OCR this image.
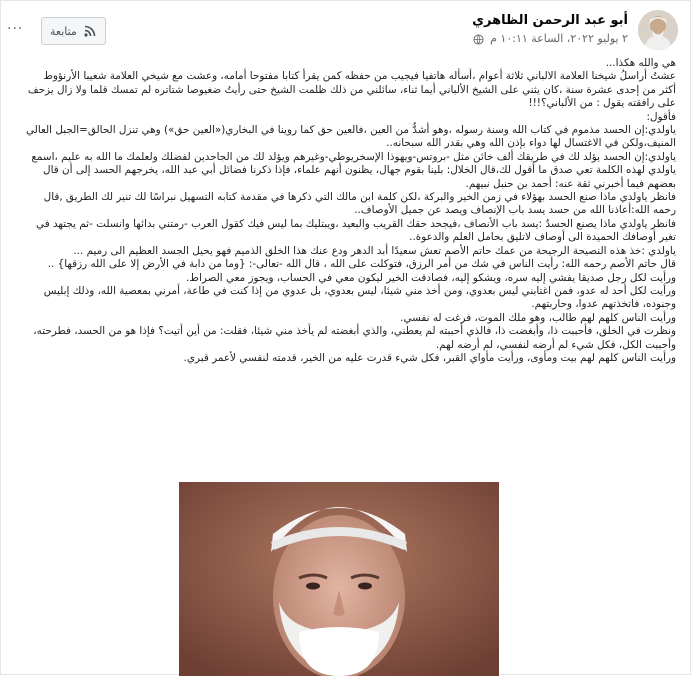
أبو عبد الرحمن الظاهري
٢ يوليو ٢٠٢٢، الساعة ١٠:١١ م
متابعة
···

هي والله هكذا...

عشتُ أراسلُ شيخنا العلامة الالباني ثلاثة أعوام ،أسأله هاتفيا فيجيب من حفظه كمن يقرأ كتابا مفتوحا أمامه، وعشت مع شيخي العلامة شعيبا الأرنؤوط

أكثر من إحدى عشرة سنة ،كان يثني على الشيخ الألباني أيما ثناء، سائلني من ذلك ظلمت الشيخ حتى رأيتُ ضغيوصا شتاتره لم تمسك قلما ولا زال يزحف

على رافقته يقول : من الألباني؟!!!

فأقول:

ياولدي:إن الحسد مذموم في كتاب الله وسنة رسوله ،وهو أشدُّ من العين ،فالعين حق كما روينا في البخاري(«العين حق») وهي تنزل الحالق=الجبل العالي

المنيف،ولكن في الاغتسال لها دواء بإذن الله وهي بقدر الله سبحانه..

ياولدي:إن الحسد يؤلد لك في طريقك ألف خائن مثل -بروتس-ويهوذا الإسخريوطي-وغيرهم ويؤلد لك من الجاحدين لفضلك ولعلمك ما الله به عليم ،اسمع

ياولدي لهذه الكلمة تعي صدق ما أقول لك،قال الخلال: بلينا بقوم جهال، يظنون أنهم علماء، فإذا ذكرنا فضائل أبي عبد الله، يخرجهم الحسد إلى أن قال

بعضهم فيما أخبرني ثقة عنه: أحمد بن حنبل نبيهم.

فانظر ياولدي ماذا صنع الحسد بهؤلاء في زمن الخير والبركة ،لكن كلمة ابن مالك التي ذكرها في مقدمة كتابه التسهيل نبراسًا لك تنير لك الطريق ,قال

رحمه الله:أعاذنا الله من حسد يسد باب الإنصاف ويصد عن جميل الأوصاف..

فانظر ياولدي ماذا يصنع الحسدُ :يسد باب الأنصاف ،فيجحد حقك القريب والبعيد ،ويبتليك بما ليس فيك كقول العرب -رمتني بدائها وانسلت -ثم يجتهد في

تغير أوصافك الحميدة الى أوصاف لاتليق بحامل العلم والدعوة..

ياولدي :خذ هذه النصيحة الرجيحة من عمك حاتم الأصم تعش سعيدًا أبد الدهر ودع عنك هذا الخلق الذميم فهو يحيل الجسد العظيم الى رميم ...

قال حاتم الأصم رحمه الله: رأيت الناس في شك من أمر الرزق، فتوكلت على الله ، قال الله -تعالى-: {وما من دابة في الأرض إلا على الله رزقها} ..

ورأيت لكل رجل صديقا يفشي إليه سره، ويشكو إليه، فصادقت الخير ليكون معي في الحساب، ويجوز معي الصراط.

ورأيت لكل أحد له عدو، فمن اغتابني ليس بعدوي، ومن أخذ مني شيئا، ليس بعدوي، بل عدوي من إذا كنت في طاعة، أمرني بمعصية الله، وذلك إبليس

وجنوده، فاتخذتهم عدوا، وحاربتهم.

ورأيت الناس كلهم لهم طالب، وهو ملك الموت، فرغت له نفسي.

ونظرت في الخلق، فأحببت ذا، وأبغضت ذا، فالذي أحببته لم يعطني، والذي أبغضته لم يأخذ مني شيئا، فقلت: من أين أتيت؟ فإذا هو من الحسد، فطرحته،

وأحببت الكل، فكل شيء لم أرضه لنفسي، لم أرضه لهم.

ورأيت الناس كلهم لهم بيت ومأوى، ورأيت مأواي القبر، فكل شيء قدرت عليه من الخير، قدمته لنفسي لأعمر قبري.
